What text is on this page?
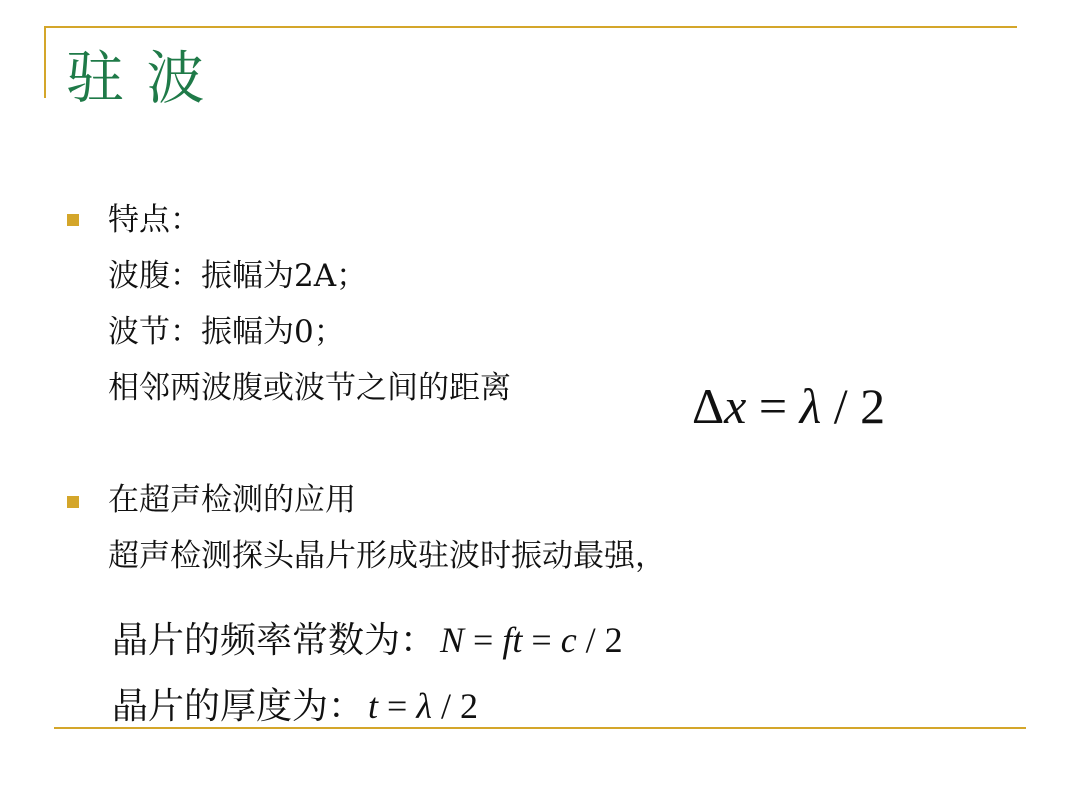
驻 波
特点：
波腹：振幅为2A；
波节：振幅为0；
相邻两波腹或波节之间的距离	Δx = λ / 2
在超声检测的应用
超声检测探头晶片形成驻波时振动最强，
晶片的频率常数为： N = ft = c / 2
晶片的厚度为： t = λ / 2
